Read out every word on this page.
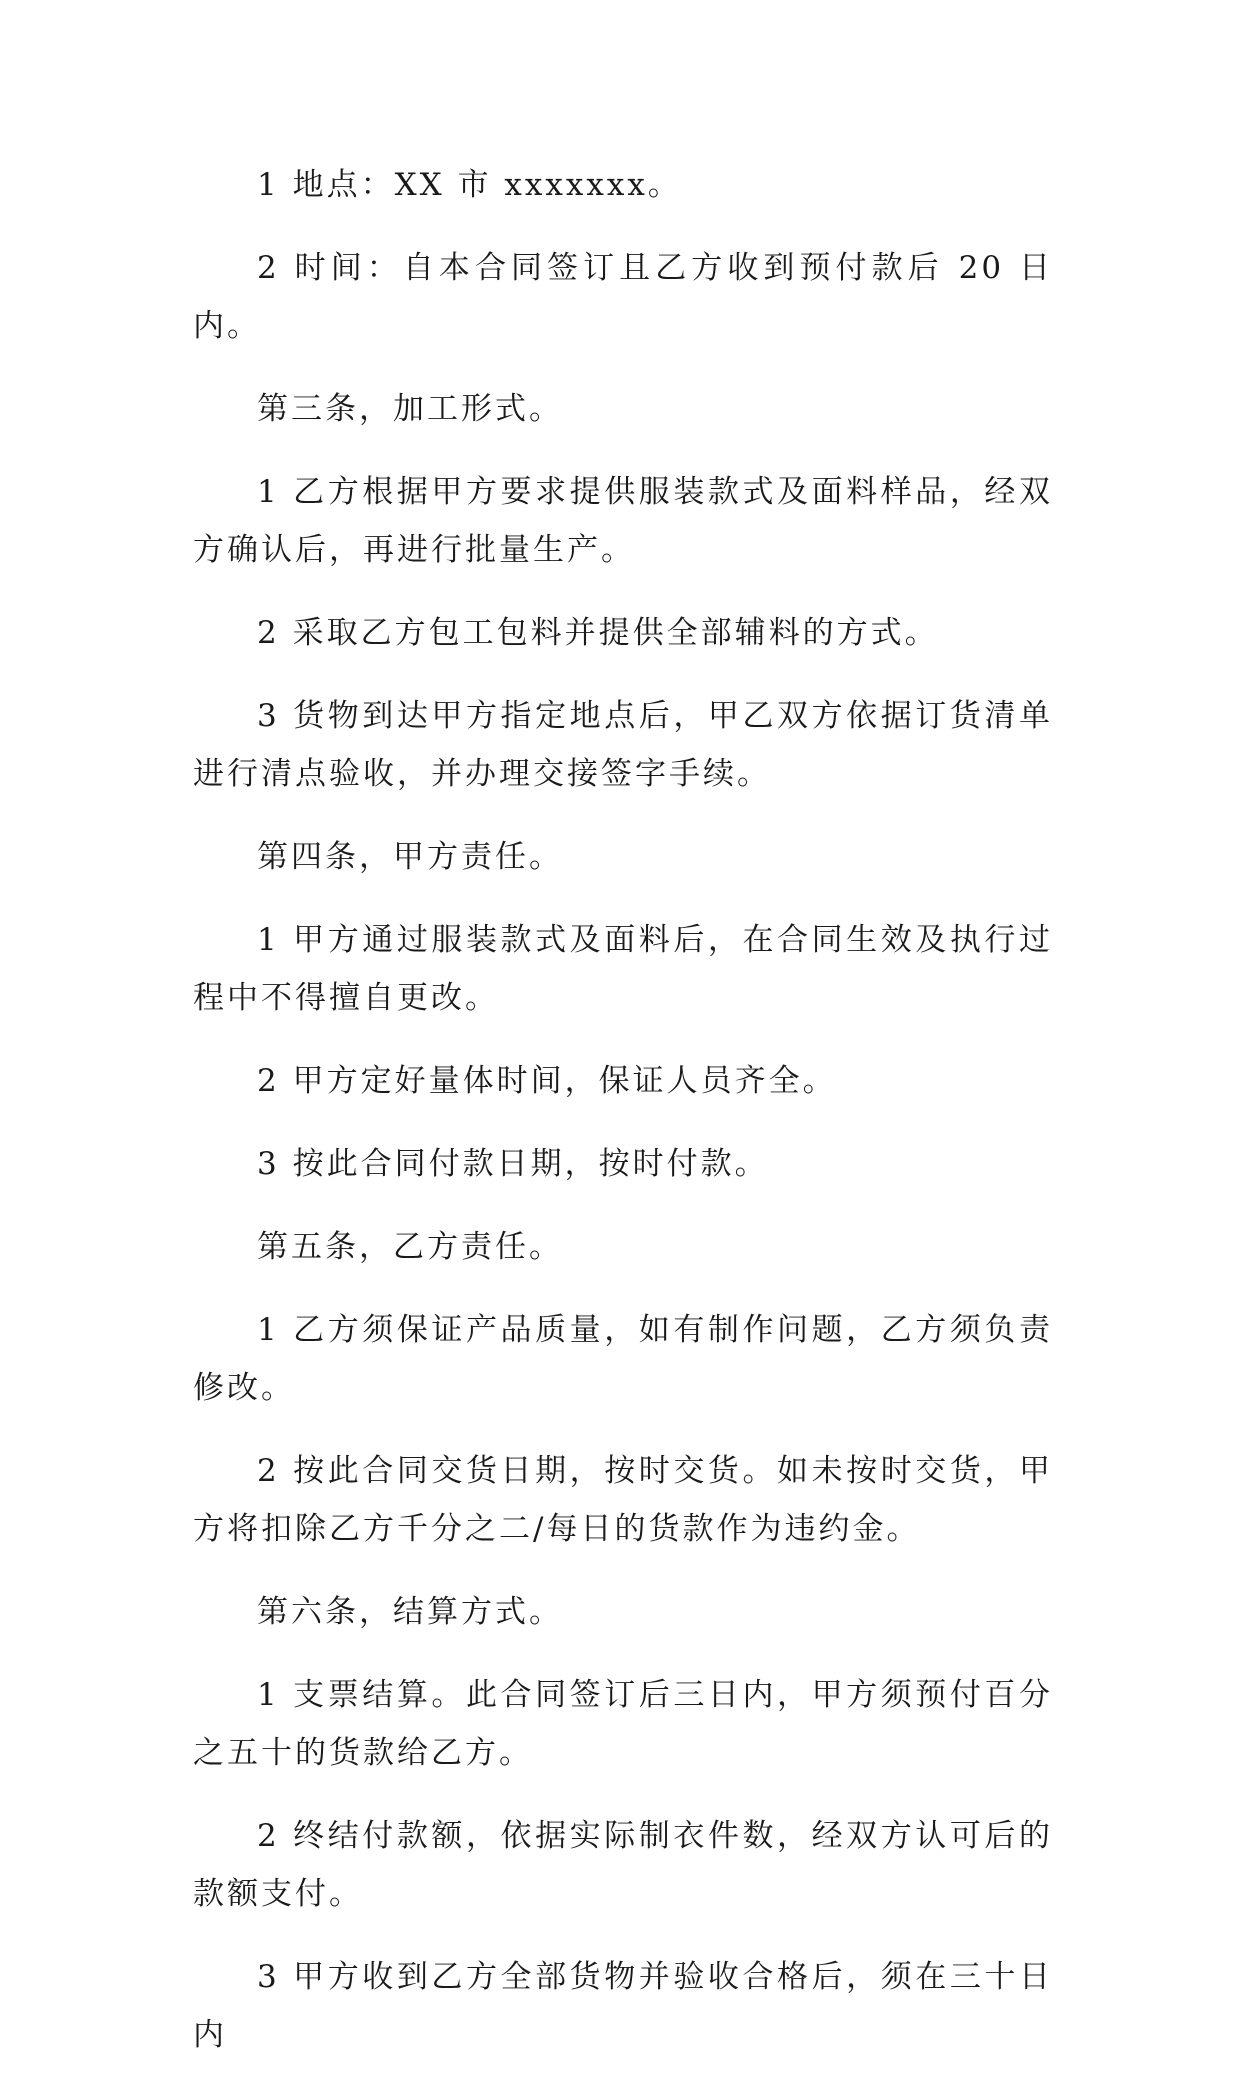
1 地点：XX 市 xxxxxxx。

2 时间：自本合同签订且乙方收到预付款后 20 日内。

第三条，加工形式。

1 乙方根据甲方要求提供服装款式及面料样品，经双方确认后，再进行批量生产。

2 采取乙方包工包料并提供全部辅料的方式。

3 货物到达甲方指定地点后，甲乙双方依据订货清单进行清点验收，并办理交接签字手续。

第四条，甲方责任。

1 甲方通过服装款式及面料后，在合同生效及执行过程中不得擅自更改。

2 甲方定好量体时间，保证人员齐全。

3 按此合同付款日期，按时付款。

第五条，乙方责任。

1 乙方须保证产品质量，如有制作问题，乙方须负责修改。

2 按此合同交货日期，按时交货。如未按时交货，甲方将扣除乙方千分之二/每日的货款作为违约金。

第六条，结算方式。

1 支票结算。此合同签订后三日内，甲方须预付百分之五十的货款给乙方。

2 终结付款额，依据实际制衣件数，经双方认可后的款额支付。

3 甲方收到乙方全部货物并验收合格后，须在三十日内
